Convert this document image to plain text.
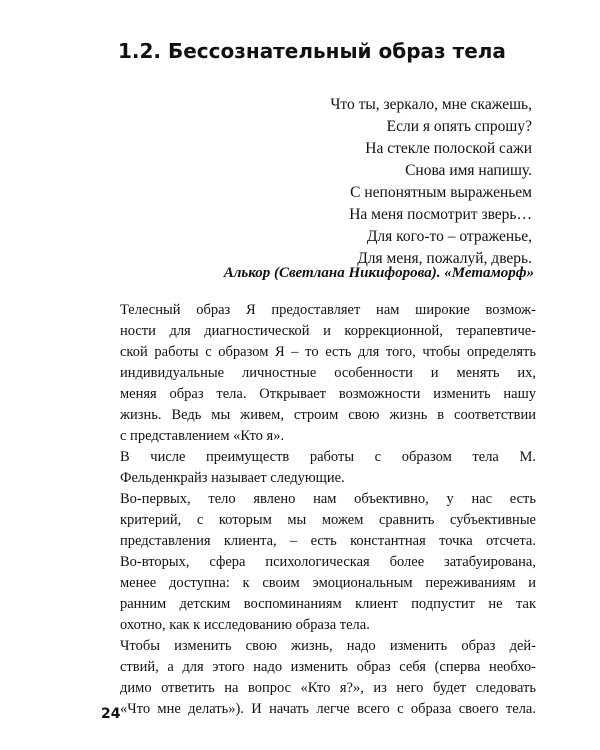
1.2. Бессознательный образ тела
Что ты, зеркало, мне скажешь,
Если я опять спрошу?
На стекле полоской сажи
Снова имя напишу.
С непонятным выраженьем
На меня посмотрит зверь…
Для кого-то – отраженье,
Для меня, пожалуй, дверь.
Алькор (Светлана Никифорова). «Метаморф»

Телесный образ Я предоставляет нам широкие возмож-
ности для диагностической и коррекционной, терапевтиче-
ской работы с образом Я – то есть для того, чтобы определять
индивидуальные личностные особенности и менять их,
меняя образ тела. Открывает возможности изменить нашу
жизнь. Ведь мы живем, строим свою жизнь в соответствии
с представлением «Кто я».

В числе преимуществ работы с образом тела М.
Фельденкрайз называет следующие.

Во-первых, тело явлено нам объективно, у нас есть
критерий, с которым мы можем сравнить субъективные
представления клиента, – есть константная точка отсчета.
Во-вторых, сфера психологическая более затабуирована,
менее доступна: к своим эмоциональным переживаниям и
ранним детским воспоминаниям клиент подпустит не так
охотно, как к исследованию образа тела.

Чтобы изменить свою жизнь, надо изменить образ дей-
ствий, а для этого надо изменить образ себя (сперва необхо-
димо ответить на вопрос «Кто я?», из него будет следовать
«Что мне делать»). И начать легче всего с образа своего тела.

24
